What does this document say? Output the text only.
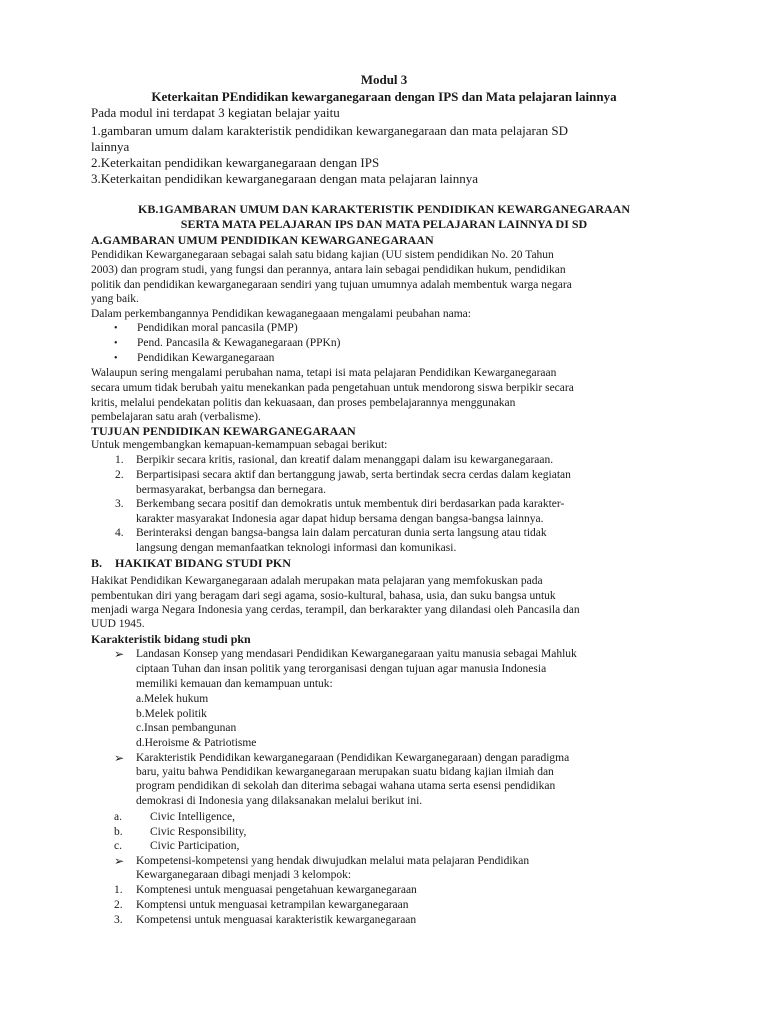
Modul 3
Keterkaitan PEndidikan kewarganegaraan dengan IPS dan Mata pelajaran lainnya
Pada modul ini terdapat 3 kegiatan belajar yaitu
1.gambaran umum dalam karakteristik pendidikan kewarganegaraan dan mata pelajaran SD
lainnya
2.Keterkaitan pendidikan kewarganegaraan dengan IPS
3.Keterkaitan pendidikan kewarganegaraan dengan mata pelajaran lainnya
KB.1GAMBARAN UMUM DAN KARAKTERISTIK PENDIDIKAN KEWARGANEGARAAN
SERTA MATA PELAJARAN IPS DAN MATA PELAJARAN LAINNYA DI SD
A.GAMBARAN UMUM PENDIDIKAN KEWARGANEGARAAN
Pendidikan Kewarganegaraan sebagai salah satu bidang kajian (UU sistem pendidikan No. 20 Tahun
2003) dan program studi, yang fungsi dan perannya, antara lain sebagai pendidikan hukum, pendidikan
politik dan pendidikan kewarganegaraan sendiri yang tujuan umumnya adalah membentuk warga negara
yang baik.
Dalam perkembangannya Pendidikan kewaganegaaan mengalami peubahan nama:
• Pendidikan moral pancasila (PMP)
• Pend. Pancasila & Kewaganegaraan (PPKn)
• Pendidikan Kewarganegaraan
Walaupun sering mengalami perubahan nama, tetapi isi mata pelajaran Pendidikan Kewarganegaraan
secara umum tidak berubah yaitu menekankan pada pengetahuan untuk mendorong siswa berpikir secara
kritis, melalui pendekatan politis dan kekuasaan, dan proses pembelajarannya menggunakan
pembelajaran satu arah (verbalisme).
TUJUAN PENDIDIKAN KEWARGANEGARAAN
Untuk mengembangkan kemapuan-kemampuan sebagai berikut:
1. Berpikir secara kritis, rasional, dan kreatif dalam menanggapi dalam isu kewarganegaraan.
2. Berpartisipasi secara aktif dan bertanggung jawab, serta bertindak secra cerdas dalam kegiatan
bermasyarakat, berbangsa dan bernegara.
3. Berkembang secara positif dan demokratis untuk membentuk diri berdasarkan pada karakter-
karakter masyarakat Indonesia agar dapat hidup bersama dengan bangsa-bangsa lainnya.
4. Berinteraksi dengan bangsa-bangsa lain dalam percaturan dunia serta langsung atau tidak
langsung dengan memanfaatkan teknologi informasi dan komunikasi.
B. HAKIKAT BIDANG STUDI PKN
Hakikat Pendidikan Kewarganegaraan adalah merupakan mata pelajaran yang memfokuskan pada
pembentukan diri yang beragam dari segi agama, sosio-kultural, bahasa, usia, dan suku bangsa untuk
menjadi warga Negara Indonesia yang cerdas, terampil, dan berkarakter yang dilandasi oleh Pancasila dan
UUD 1945.
Karakteristik bidang studi pkn
➢ Landasan Konsep yang mendasari Pendidikan Kewarganegaraan yaitu manusia sebagai Mahluk
ciptaan Tuhan dan insan politik yang terorganisasi dengan tujuan agar manusia Indonesia
memiliki kemauan dan kemampuan untuk:
a.Melek hukum
b.Melek politik
c.Insan pembangunan
d.Heroisme & Patriotisme
➢ Karakteristik Pendidikan kewarganegaraan (Pendidikan Kewarganegaraan) dengan paradigma
baru, yaitu bahwa Pendidikan kewarganegaraan merupakan suatu bidang kajian ilmiah dan
program pendidikan di sekolah dan diterima sebagai wahana utama serta esensi pendidikan
demokrasi di Indonesia yang dilaksanakan melalui berikut ini.
a. Civic Intelligence,
b. Civic Responsibility,
c. Civic Participation,
➢ Kompetensi-kompetensi yang hendak diwujudkan melalui mata pelajaran Pendidikan
Kewarganegaraan dibagi menjadi 3 kelompok:
1. Komptenesi untuk menguasai pengetahuan kewarganegaraan
2. Komptensi untuk menguasai ketrampilan kewarganegaraan
3. Kompetensi untuk menguasai karakteristik kewarganegaraan
